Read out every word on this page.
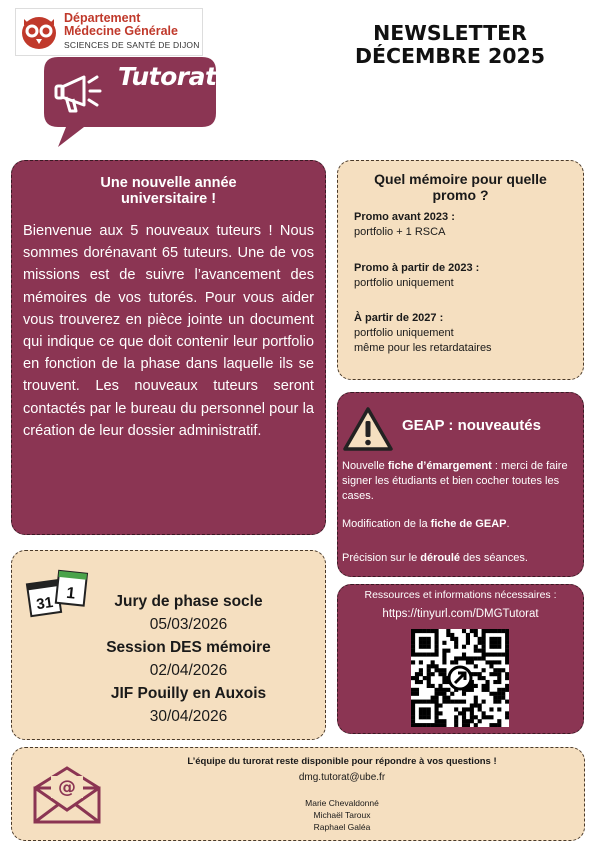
Département
Médecine Générale
SCIENCES DE SANTÉ DE DIJON
Tutorat
NEWSLETTER
DÉCEMBRE 2025
Une nouvelle année
universitaire !

Bienvenue aux 5 nouveaux tuteurs ! Nous sommes dorénavant 65 tuteurs. Une de vos missions est de suivre l’avancement des mémoires de vos tutorés. Pour vous aider vous trouverez en pièce jointe un document qui indique ce que doit contenir leur portfolio en fonction de la phase dans laquelle ils se trouvent. Les nouveaux tuteurs seront contactés par le bureau du personnel pour la création de leur dossier administratif.

Quel mémoire pour quelle
promo ?
Promo avant 2023 :
portfolio + 1 RSCA
Promo à partir de 2023 :
portfolio uniquement
À partir de 2027 :
portfolio uniquement
même pour les retardataires
GEAP : nouveautés
Nouvelle fiche d’émargement : merci de faire signer les étudiants et bien cocher toutes les cases.
Modification de la fiche de GEAP.
Précision sur le déroulé des séances.
31
1	Jury de phase socle
05/03/2026
Session DES mémoire
02/04/2026
JIF Pouilly en Auxois
30/04/2026
Ressources et informations nécessaires :
https://tinyurl.com/DMGTutorat
@
L’équipe du turorat reste disponible pour répondre à vos questions !
dmg.tutorat@ube.fr
Marie Chevaldonné
Michaël Taroux
Raphael Galéa
